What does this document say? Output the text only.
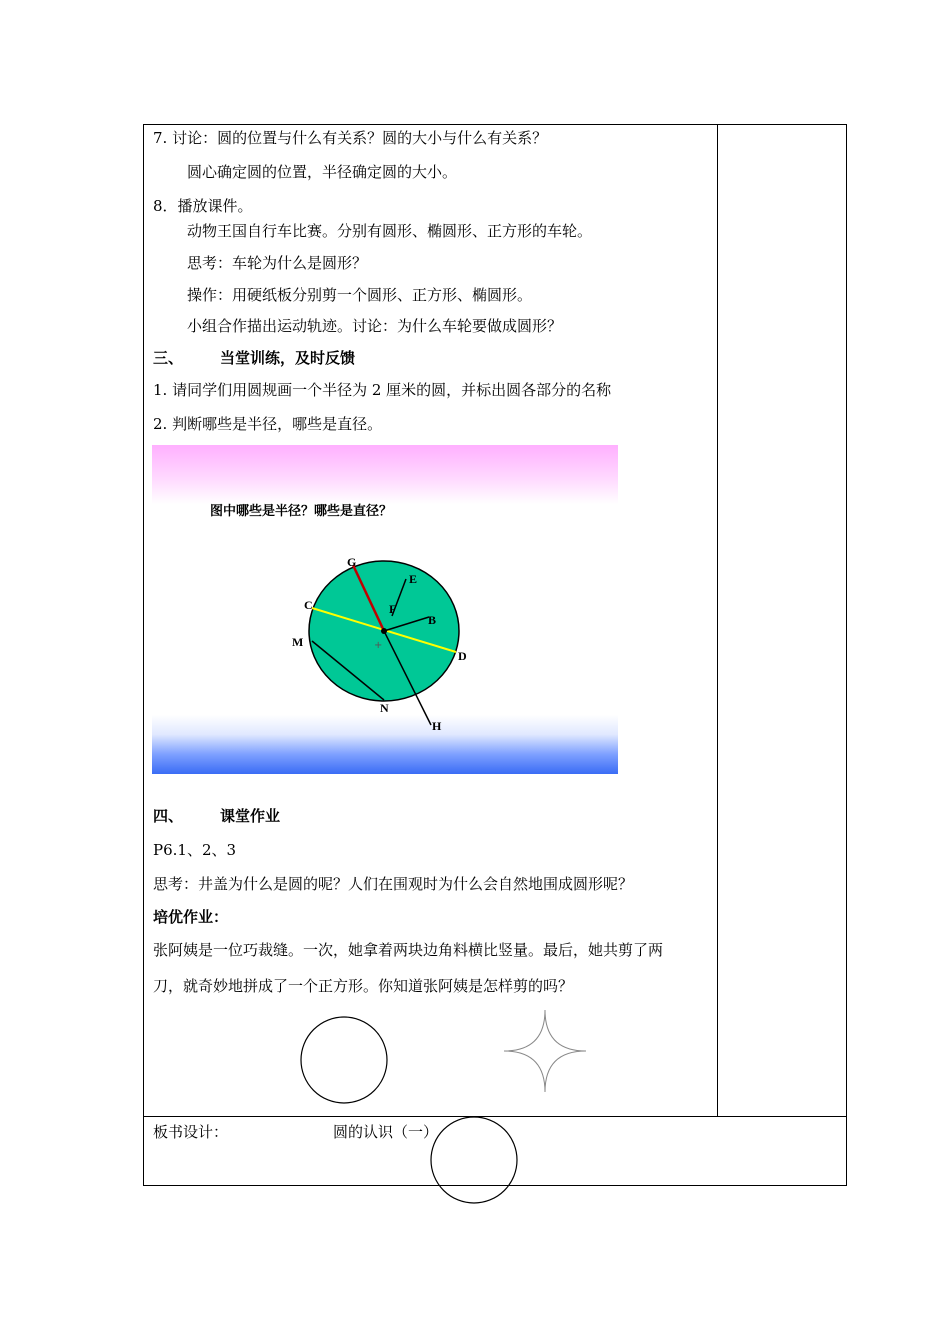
7. 讨论：圆的位置与什么有关系？圆的大小与什么有关系？
圆心确定圆的位置，半径确定圆的大小。
8．播放课件。
动物王国自行车比赛。分别有圆形、椭圆形、正方形的车轮。
思考：车轮为什么是圆形？
操作：用硬纸板分别剪一个圆形、正方形、椭圆形。
小组合作描出运动轨迹。讨论：为什么车轮要做成圆形？
三、 当堂训练，及时反馈
1. 请同学们用圆规画一个半径为 2 厘米的圆，并标出圆各部分的名称
2. 判断哪些是半径，哪些是直径。
图中哪些是半径？哪些是直径？
+
G
E
F
C
B
M
D
N
H
四、 课堂作业
P6.1、2、3
思考：井盖为什么是圆的呢？人们在围观时为什么会自然地围成圆形呢？
培优作业：
张阿姨是一位巧裁缝。一次，她拿着两块边角料横比竖量。最后，她共剪了两
刀，就奇妙地拼成了一个正方形。你知道张阿姨是怎样剪的吗？
板书设计：	圆的认识（一）
